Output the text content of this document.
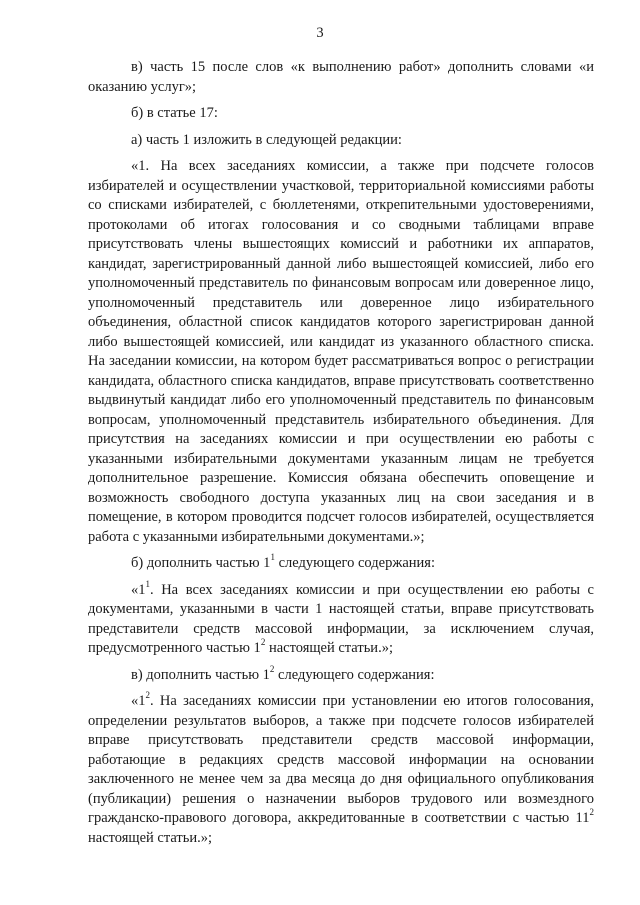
3

в) часть 15 после слов «к выполнению работ» дополнить словами «и оказанию услуг»;

б) в статье 17:

а) часть 1 изложить в следующей редакции:

«1. На всех заседаниях комиссии, а также при подсчете голосов избирателей и осуществлении участковой, территориальной комиссиями работы со списками избирателей, с бюллетенями, открепительными удостоверениями, протоколами об итогах голосования и со сводными таблицами вправе присутствовать члены вышестоящих комиссий и работники их аппаратов, кандидат, зарегистрированный данной либо вышестоящей комиссией, либо его уполномоченный представитель по финансовым вопросам или доверенное лицо, уполномоченный представитель или доверенное лицо избирательного объединения, областной список кандидатов которого зарегистрирован данной либо вышестоящей комиссией, или кандидат из указанного областного списка. На заседании комиссии, на котором будет рассматриваться вопрос о регистрации кандидата, областного списка кандидатов, вправе присутствовать соответственно выдвинутый кандидат либо его уполномоченный представитель по финансовым вопросам, уполномоченный представитель избирательного объединения. Для присутствия на заседаниях комиссии и при осуществлении ею работы с указанными избирательными документами указанным лицам не требуется дополнительное разрешение. Комиссия обязана обеспечить оповещение и возможность свободного доступа указанных лиц на свои заседания и в помещение, в котором проводится подсчет голосов избирателей, осуществляется работа с указанными избирательными документами.»;

б) дополнить частью $1^1$ следующего содержания:

«$1^1$. На всех заседаниях комиссии и при осуществлении ею работы с документами, указанными в части 1 настоящей статьи, вправе присутствовать представители средств массовой информации, за исключением случая, предусмотренного частью $1^2$ настоящей статьи.»;

в) дополнить частью $1^2$ следующего содержания:

«$1^2$. На заседаниях комиссии при установлении ею итогов голосования, определении результатов выборов, а также при подсчете голосов избирателей вправе присутствовать представители средств массовой информации, работающие в редакциях средств массовой информации на основании заключенного не менее чем за два месяца до дня официального опубликования (публикации) решения о назначении выборов трудового или возмездного гражданско-правового договора, аккредитованные в соответствии с частью $11^2$ настоящей статьи.»;
